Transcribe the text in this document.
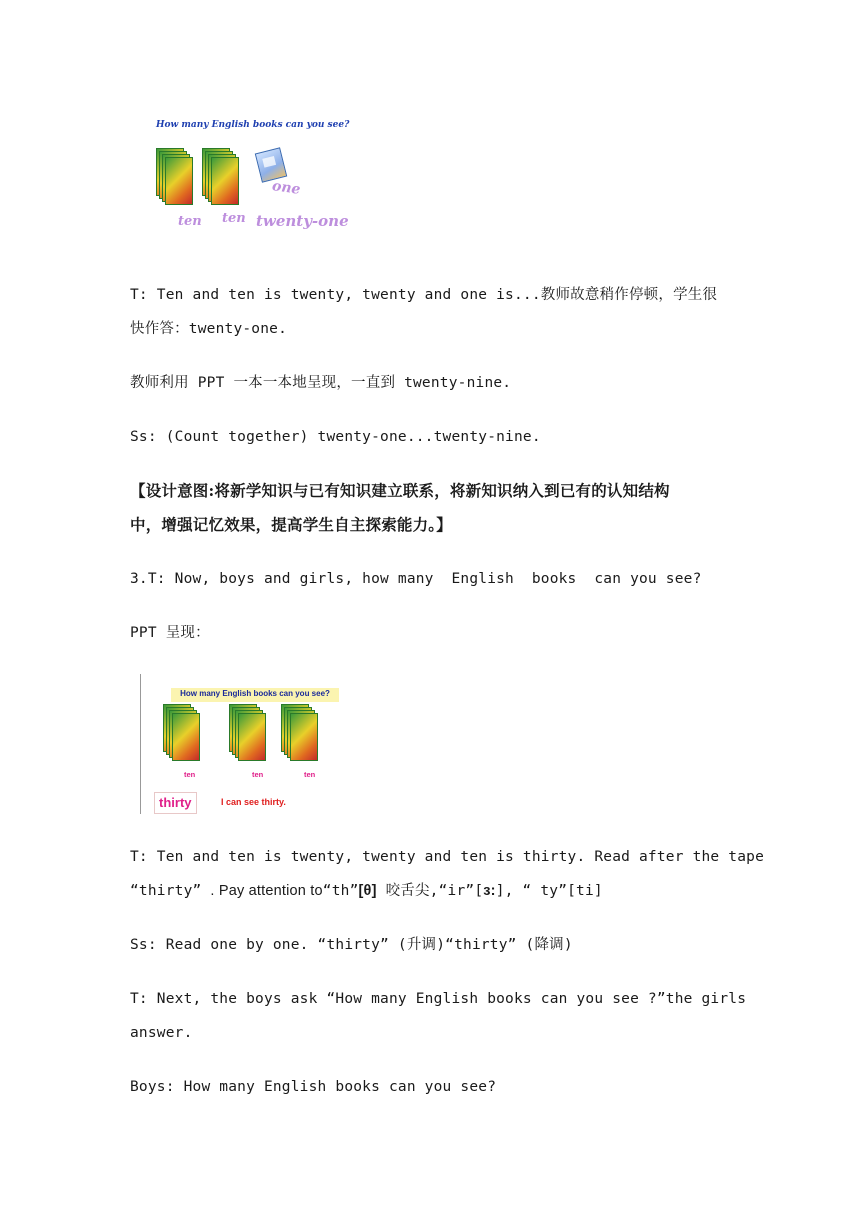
How many English books can you see?
ten ten
one
twenty-one
T: Ten and ten is twenty, twenty and one is...教师故意稍作停顿，学生很
快作答：twenty-one.
教师利用 PPT 一本一本地呈现，一直到 twenty-nine.
Ss: (Count together) twenty-one...twenty-nine.
【设计意图:将新学知识与已有知识建立联系，将新知识纳入到已有的认知结构
中，增强记忆效果，提高学生自主探索能力。】
3.T: Now, boys and girls, how many  English  books  can you see?
PPT 呈现：
How many English books can you see?
ten	ten	ten
thirty	I can see thirty.
T: Ten and ten is twenty, twenty and ten is thirty. Read after the tape
“thirty” . Pay attention to“th”[θ] 咬舌尖,“ir”[ɜ:], “ ty”[ti]
Ss: Read one by one. “thirty” (升调)“thirty” (降调)
T: Next, the boys ask “How many English books can you see ?”the girls
answer.
Boys: How many English books can you see?
